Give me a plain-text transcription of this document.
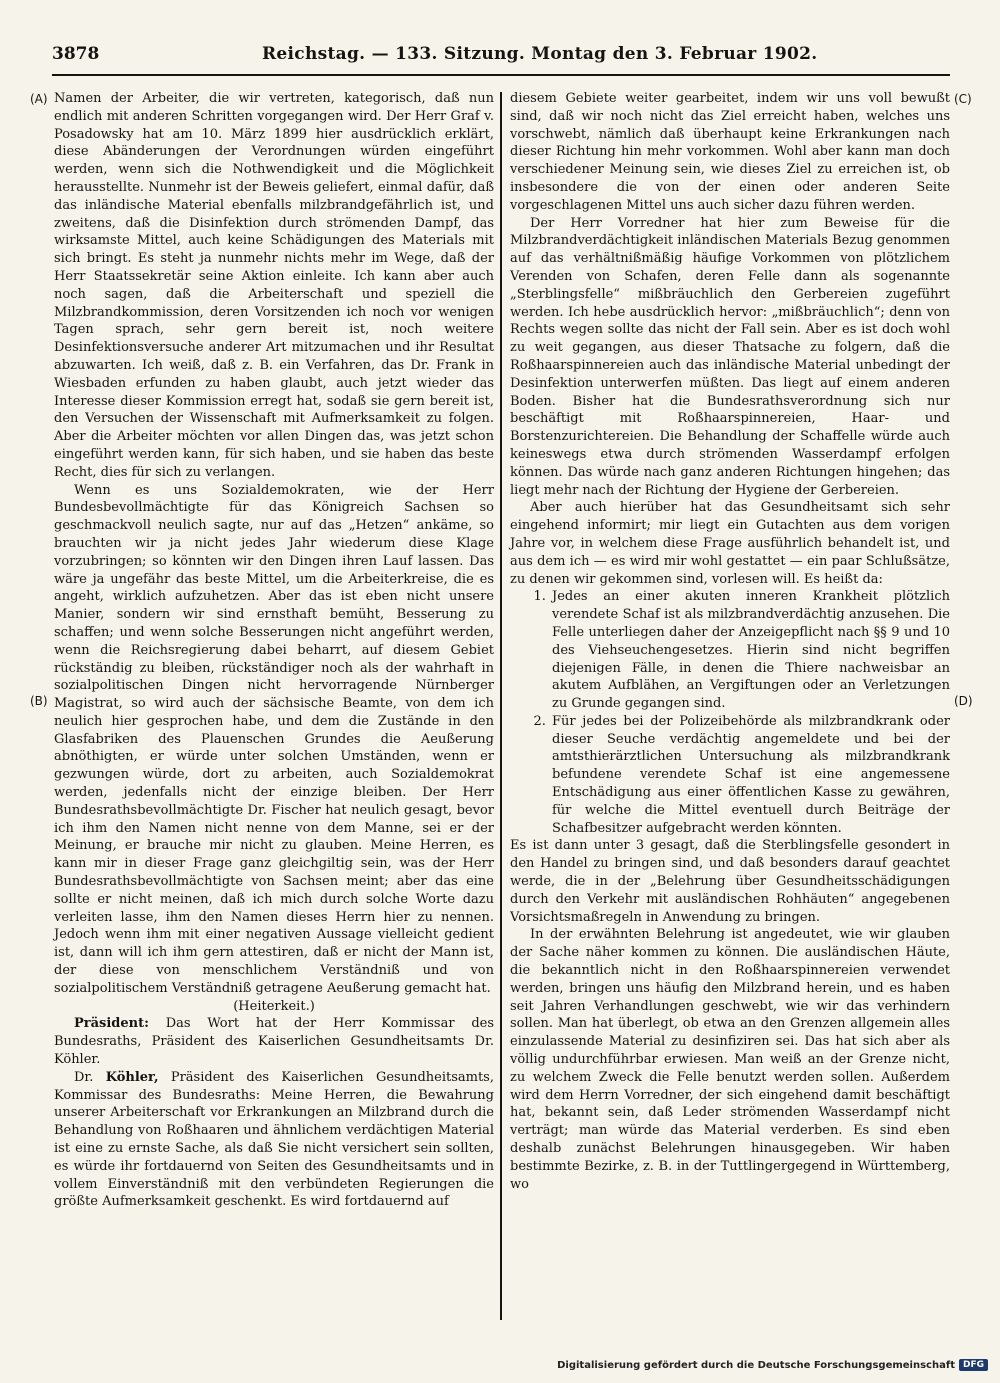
3878	Reichstag. — 133. Sitzung. Montag den 3. Februar 1902.
(A)
(B)
(C)
(D)

Namen der Arbeiter, die wir vertreten, kategorisch, daß nun endlich mit anderen Schritten vorgegangen wird. Der Herr Graf v. Posadowsky hat am 10. März 1899 hier ausdrücklich erklärt, diese Abänderungen der Verordnungen würden eingeführt werden, wenn sich die Nothwendigkeit und die Möglichkeit herausstellte. Nunmehr ist der Beweis geliefert, einmal dafür, daß das inländische Material ebenfalls milzbrandgefährlich ist, und zweitens, daß die Disinfektion durch strömenden Dampf, das wirksamste Mittel, auch keine Schädigungen des Materials mit sich bringt. Es steht ja nunmehr nichts mehr im Wege, daß der Herr Staatssekretär seine Aktion einleite. Ich kann aber auch noch sagen, daß die Arbeiterschaft und speziell die Milzbrandkommission, deren Vorsitzenden ich noch vor wenigen Tagen sprach, sehr gern bereit ist, noch weitere Desinfektionsversuche anderer Art mitzumachen und ihr Resultat abzuwarten. Ich weiß, daß z. B. ein Verfahren, das Dr. Frank in Wiesbaden erfunden zu haben glaubt, auch jetzt wieder das Interesse dieser Kommission erregt hat, sodaß sie gern bereit ist, den Versuchen der Wissenschaft mit Aufmerksamkeit zu folgen. Aber die Arbeiter möchten vor allen Dingen das, was jetzt schon eingeführt werden kann, für sich haben, und sie haben das beste Recht, dies für sich zu verlangen.

Wenn es uns Sozialdemokraten, wie der Herr Bundesbevollmächtigte für das Königreich Sachsen so geschmackvoll neulich sagte, nur auf das „Hetzen“ ankäme, so brauchten wir ja nicht jedes Jahr wiederum diese Klage vorzubringen; so könnten wir den Dingen ihren Lauf lassen. Das wäre ja ungefähr das beste Mittel, um die Arbeiterkreise, die es angeht, wirklich aufzuhetzen. Aber das ist eben nicht unsere Manier, sondern wir sind ernsthaft bemüht, Besserung zu schaffen; und wenn solche Besserungen nicht angeführt werden, wenn die Reichsregierung dabei beharrt, auf diesem Gebiet rückständig zu bleiben, rückständiger noch als der wahrhaft in sozialpolitischen Dingen nicht hervorragende Nürnberger Magistrat, so wird auch der sächsische Beamte, von dem ich neulich hier gesprochen habe, und dem die Zustände in den Glasfabriken des Plauenschen Grundes die Aeußerung abnöthigten, er würde unter solchen Umständen, wenn er gezwungen würde, dort zu arbeiten, auch Sozialdemokrat werden, jedenfalls nicht der einzige bleiben. Der Herr Bundesrathsbevollmächtigte Dr. Fischer hat neulich gesagt, bevor ich ihm den Namen nicht nenne von dem Manne, sei er der Meinung, er brauche mir nicht zu glauben. Meine Herren, es kann mir in dieser Frage ganz gleichgiltig sein, was der Herr Bundesrathsbevollmächtigte von Sachsen meint; aber das eine sollte er nicht meinen, daß ich mich durch solche Worte dazu verleiten lasse, ihm den Namen dieses Herrn hier zu nennen. Jedoch wenn ihm mit einer negativen Aussage vielleicht gedient ist, dann will ich ihm gern attestiren, daß er nicht der Mann ist, der diese von menschlichem Verständniß und von sozialpolitischem Verständniß getragene Aeußerung gemacht hat.

(Heiterkeit.)

Präsident: Das Wort hat der Herr Kommissar des Bundesraths, Präsident des Kaiserlichen Gesundheitsamts Dr. Köhler.

Dr. Köhler, Präsident des Kaiserlichen Gesundheitsamts, Kommissar des Bundesraths: Meine Herren, die Bewahrung unserer Arbeiterschaft vor Erkrankungen an Milzbrand durch die Behandlung von Roßhaaren und ähnlichem verdächtigen Material ist eine zu ernste Sache, als daß Sie nicht versichert sein sollten, es würde ihr fortdauernd von Seiten des Gesundheitsamts und in vollem Einverständniß mit den verbündeten Regierungen die größte Aufmerksamkeit geschenkt. Es wird fortdauernd auf

diesem Gebiete weiter gearbeitet, indem wir uns voll bewußt sind, daß wir noch nicht das Ziel erreicht haben, welches uns vorschwebt, nämlich daß überhaupt keine Erkrankungen nach dieser Richtung hin mehr vorkommen. Wohl aber kann man doch verschiedener Meinung sein, wie dieses Ziel zu erreichen ist, ob insbesondere die von der einen oder anderen Seite vorgeschlagenen Mittel uns auch sicher dazu führen werden.

Der Herr Vorredner hat hier zum Beweise für die Milzbrandverdächtigkeit inländischen Materials Bezug genommen auf das verhältnißmäßig häufige Vorkommen von plötzlichem Verenden von Schafen, deren Felle dann als sogenannte „Sterblingsfelle“ mißbräuchlich den Gerbereien zugeführt werden. Ich hebe ausdrücklich hervor: „mißbräuchlich“; denn von Rechts wegen sollte das nicht der Fall sein. Aber es ist doch wohl zu weit gegangen, aus dieser Thatsache zu folgern, daß die Roßhaarspinnereien auch das inländische Material unbedingt der Desinfektion unterwerfen müßten. Das liegt auf einem anderen Boden. Bisher hat die Bundesrathsverordnung sich nur beschäftigt mit Roßhaarspinnereien, Haar- und Borstenzurichtereien. Die Behandlung der Schaffelle würde auch keineswegs etwa durch strömenden Wasserdampf erfolgen können. Das würde nach ganz anderen Richtungen hingehen; das liegt mehr nach der Richtung der Hygiene der Gerbereien.

Aber auch hierüber hat das Gesundheitsamt sich sehr eingehend informirt; mir liegt ein Gutachten aus dem vorigen Jahre vor, in welchem diese Frage ausführlich behandelt ist, und aus dem ich — es wird mir wohl gestattet — ein paar Schlußsätze, zu denen wir gekommen sind, vorlesen will. Es heißt da:

1. Jedes an einer akuten inneren Krankheit plötzlich verendete Schaf ist als milzbrandverdächtig anzusehen. Die Felle unterliegen daher der Anzeigepflicht nach §§ 9 und 10 des Viehseuchengesetzes. Hierin sind nicht begriffen diejenigen Fälle, in denen die Thiere nachweisbar an akutem Aufblähen, an Vergiftungen oder an Verletzungen zu Grunde gegangen sind.
2. Für jedes bei der Polizeibehörde als milzbrandkrank oder dieser Seuche verdächtig angemeldete und bei der amtsthierärztlichen Untersuchung als milzbrandkrank befundene verendete Schaf ist eine angemessene Entschädigung aus einer öffentlichen Kasse zu gewähren, für welche die Mittel eventuell durch Beiträge der Schafbesitzer aufgebracht werden könnten.

Es ist dann unter 3 gesagt, daß die Sterblingsfelle gesondert in den Handel zu bringen sind, und daß besonders darauf geachtet werde, die in der „Belehrung über Gesundheitsschädigungen durch den Verkehr mit ausländischen Rohhäuten“ angegebenen Vorsichtsmaßregeln in Anwendung zu bringen.

In der erwähnten Belehrung ist angedeutet, wie wir glauben der Sache näher kommen zu können. Die ausländischen Häute, die bekanntlich nicht in den Roßhaarspinnereien verwendet werden, bringen uns häufig den Milzbrand herein, und es haben seit Jahren Verhandlungen geschwebt, wie wir das verhindern sollen. Man hat überlegt, ob etwa an den Grenzen allgemein alles einzulassende Material zu desinfiziren sei. Das hat sich aber als völlig undurchführbar erwiesen. Man weiß an der Grenze nicht, zu welchem Zweck die Felle benutzt werden sollen. Außerdem wird dem Herrn Vorredner, der sich eingehend damit beschäftigt hat, bekannt sein, daß Leder strömenden Wasserdampf nicht verträgt; man würde das Material verderben. Es sind eben deshalb zunächst Belehrungen hinausgegeben. Wir haben bestimmte Bezirke, z. B. in der Tuttlingergegend in Württemberg, wo

Digitalisierung gefördert durch die Deutsche Forschungsgemeinschaft DFG
